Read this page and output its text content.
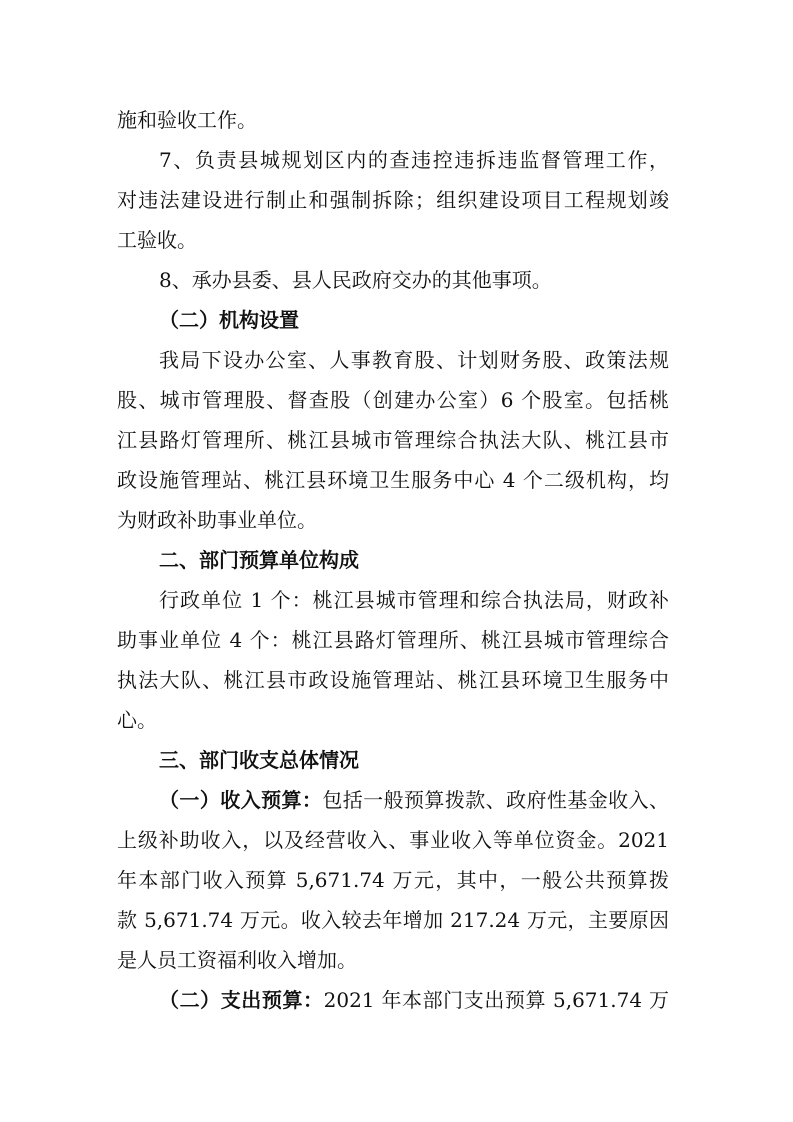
施和验收工作。
7、负责县城规划区内的查违控违拆违监督管理工作，
对违法建设进行制止和强制拆除；组织建设项目工程规划竣
工验收。
8、承办县委、县人民政府交办的其他事项。
（二）机构设置
我局下设办公室、人事教育股、计划财务股、政策法规
股、城市管理股、督查股（创建办公室）6 个股室。包括桃
江县路灯管理所、桃江县城市管理综合执法大队、桃江县市
政设施管理站、桃江县环境卫生服务中心 4 个二级机构，均
为财政补助事业单位。
二、部门预算单位构成
行政单位 1 个：桃江县城市管理和综合执法局，财政补
助事业单位 4 个：桃江县路灯管理所、桃江县城市管理综合
执法大队、桃江县市政设施管理站、桃江县环境卫生服务中
心。
三、部门收支总体情况
（一）收入预算：包括一般预算拨款、政府性基金收入、
上级补助收入，以及经营收入、事业收入等单位资金。2021
年本部门收入预算 5,671.74 万元，其中，一般公共预算拨
款 5,671.74 万元。收入较去年增加 217.24 万元，主要原因
是人员工资福利收入增加。
（二）支出预算：2021 年本部门支出预算 5,671.74 万
